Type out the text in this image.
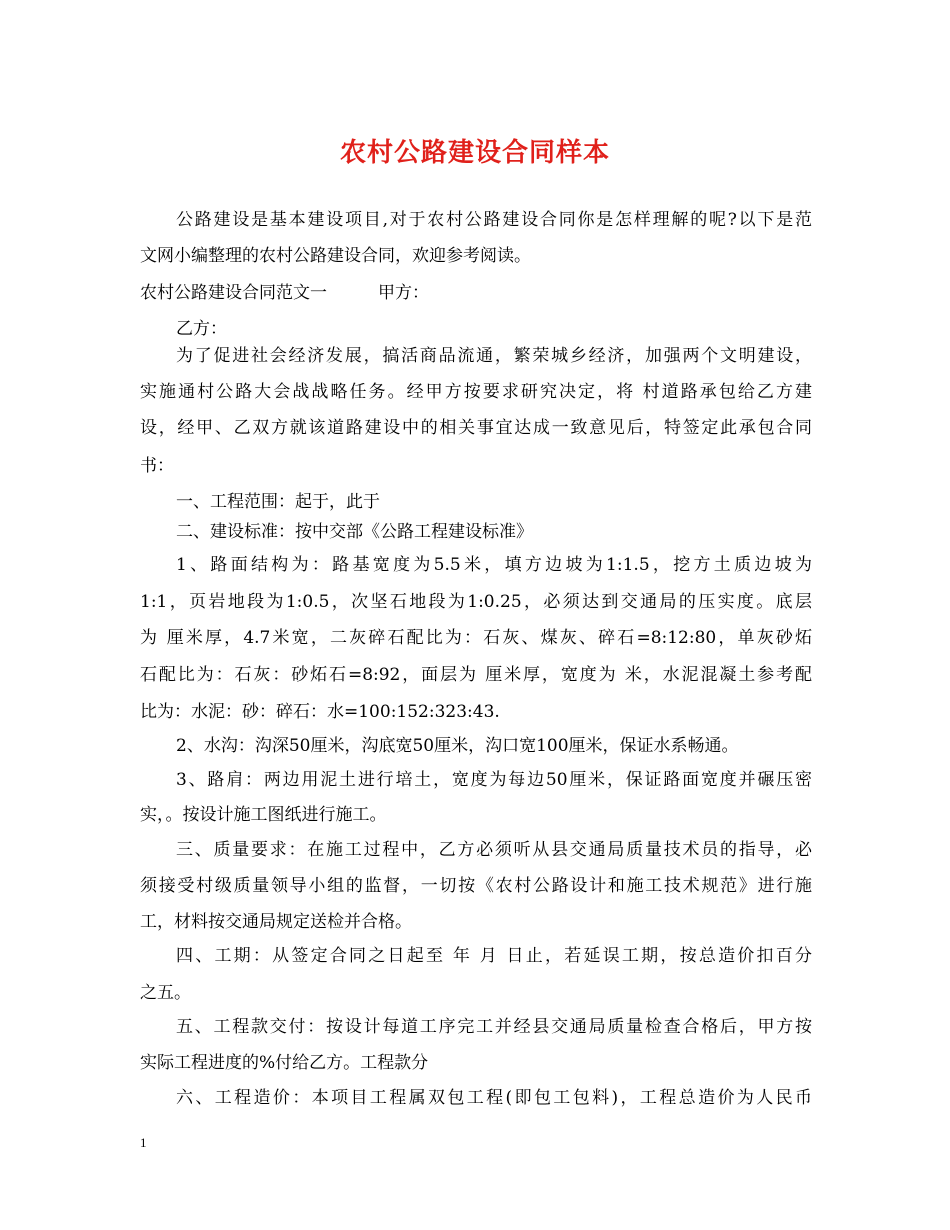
农村公路建设合同样本
公路建设是基本建设项目,对于农村公路建设合同你是怎样理解的呢?以下是范
文网小编整理的农村公路建设合同，欢迎参考阅读。
农村公路建设合同范文一　　　甲方：
乙方：
为了促进社会经济发展，搞活商品流通，繁荣城乡经济，加强两个文明建设，
实施通村公路大会战战略任务。经甲方按要求研究决定，将 村道路承包给乙方建
设，经甲、乙双方就该道路建设中的相关事宜达成一致意见后，特签定此承包合同
书：
一、工程范围：起于，此于
二、建设标准：按中交部《公路工程建设标准》
1、路面结构为：路基宽度为5.5米，填方边坡为1:1.5，挖方土质边坡为
1:1，页岩地段为1:0.5，次坚石地段为1:0.25，必须达到交通局的压实度。底层
为 厘米厚，4.7米宽，二灰碎石配比为：石灰、煤灰、碎石=8:12:80，单灰砂炻
石配比为：石灰：砂炻石=8:92，面层为 厘米厚，宽度为 米，水泥混凝土参考配
比为：水泥：砂：碎石：水=100:152:323:43.
2、水沟：沟深50厘米，沟底宽50厘米，沟口宽100厘米，保证水系畅通。
3、路肩：两边用泥土进行培土，宽度为每边50厘米，保证路面宽度并碾压密
实，。按设计施工图纸进行施工。
三、质量要求：在施工过程中，乙方必须听从县交通局质量技术员的指导，必
须接受村级质量领导小组的监督，一切按《农村公路设计和施工技术规范》进行施
工，材料按交通局规定送检并合格。
四、工期：从签定合同之日起至 年 月 日止，若延误工期，按总造价扣百分
之五。
五、工程款交付：按设计每道工序完工并经县交通局质量检查合格后，甲方按
实际工程进度的%付给乙方。工程款分
六、工程造价：本项目工程属双包工程(即包工包料)，工程总造价为人民币
1
